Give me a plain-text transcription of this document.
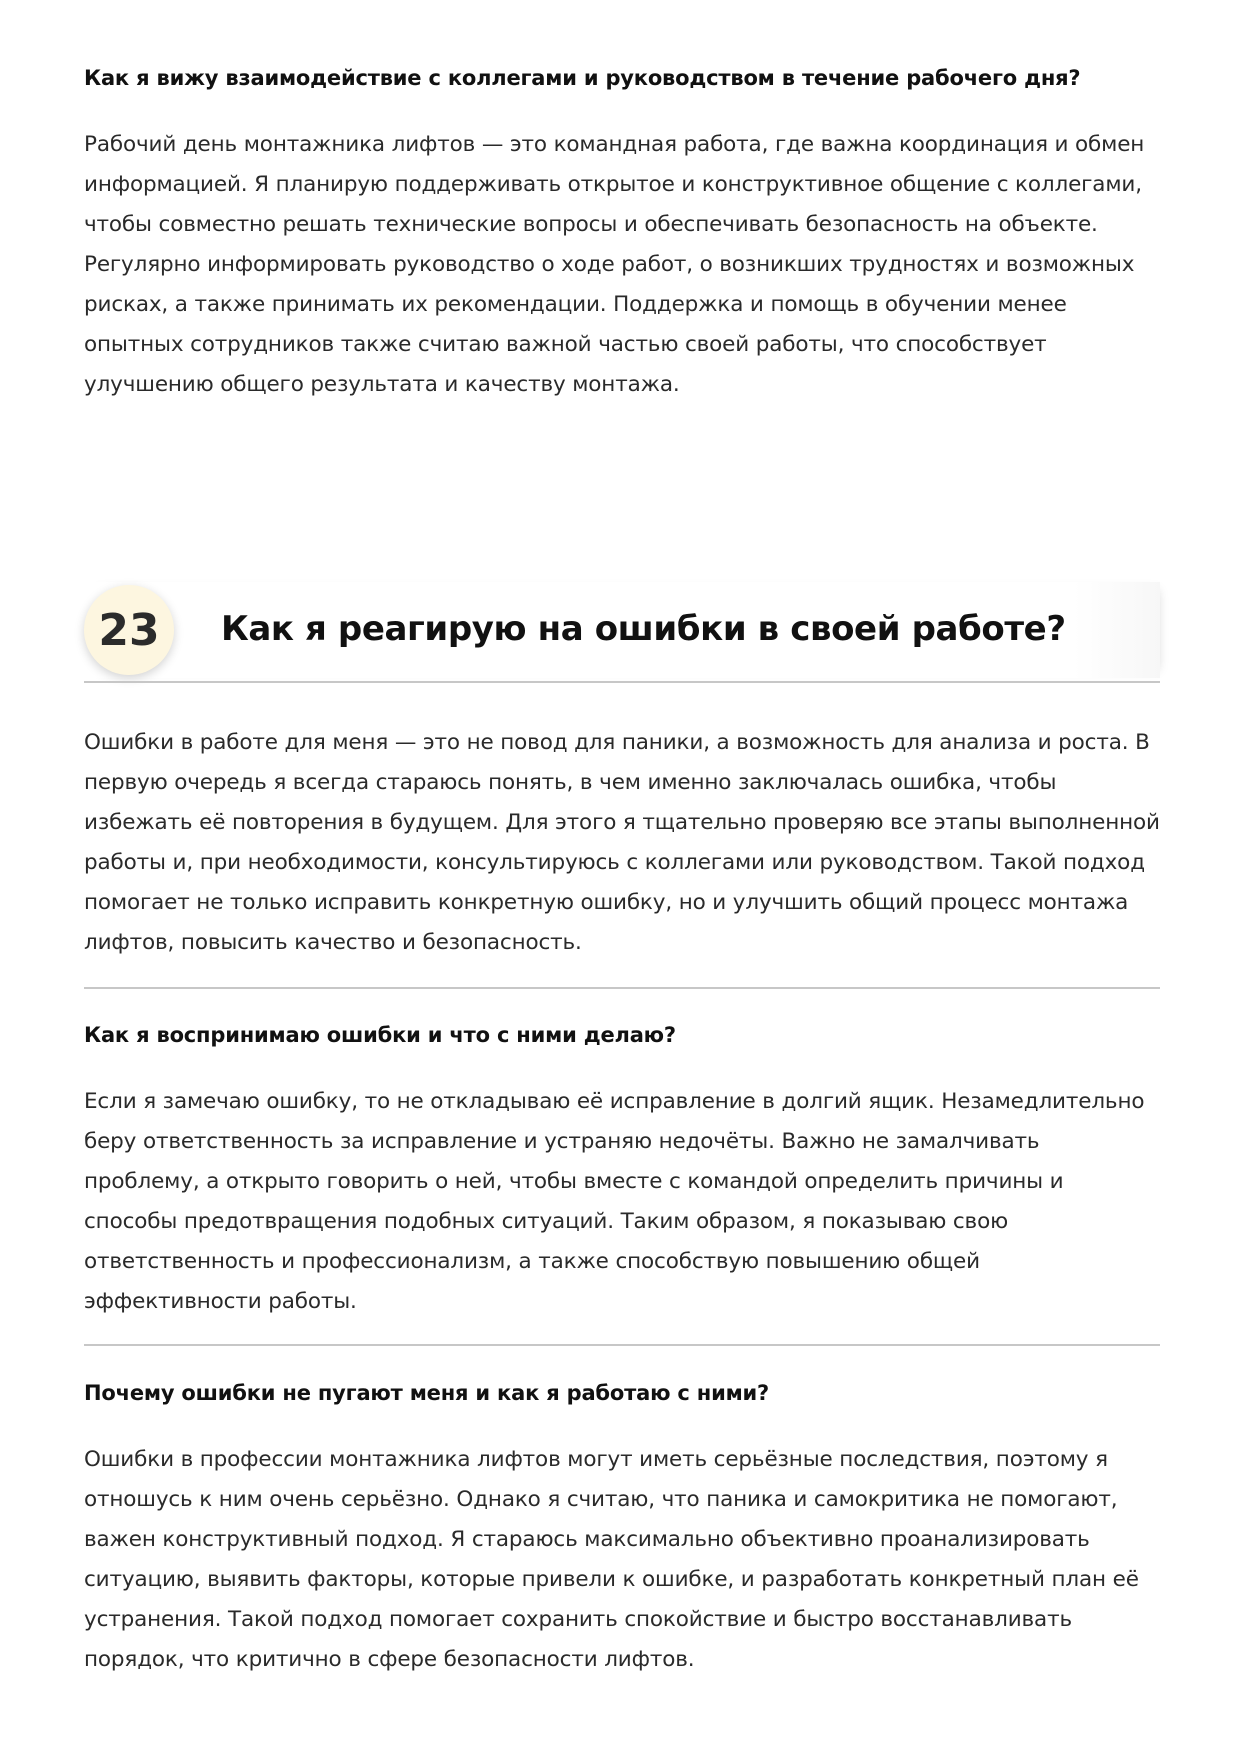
Как я вижу взаимодействие с коллегами и руководством в течение рабочего дня?

Рабочий день монтажника лифтов — это командная работа, где важна координация и обмен информацией. Я планирую поддерживать открытое и конструктивное общение с коллегами, чтобы совместно решать технические вопросы и обеспечивать безопасность на объекте. Регулярно информировать руководство о ходе работ, о возникших трудностях и возможных рисках, а также принимать их рекомендации. Поддержка и помощь в обучении менее опытных сотрудников также считаю важной частью своей работы, что способствует улучшению общего результата и качеству монтажа.

23	Как я реагирую на ошибки в своей работе?

Ошибки в работе для меня — это не повод для паники, а возможность для анализа и роста. В первую очередь я всегда стараюсь понять, в чем именно заключалась ошибка, чтобы избежать её повторения в будущем. Для этого я тщательно проверяю все этапы выполненной работы и, при необходимости, консультируюсь с коллегами или руководством. Такой подход помогает не только исправить конкретную ошибку, но и улучшить общий процесс монтажа лифтов, повысить качество и безопасность.

Как я воспринимаю ошибки и что с ними делаю?

Если я замечаю ошибку, то не откладываю её исправление в долгий ящик. Незамедлительно беру ответственность за исправление и устраняю недочёты. Важно не замалчивать проблему, а открыто говорить о ней, чтобы вместе с командой определить причины и способы предотвращения подобных ситуаций. Таким образом, я показываю свою ответственность и профессионализм, а также способствую повышению общей эффективности работы.

Почему ошибки не пугают меня и как я работаю с ними?

Ошибки в профессии монтажника лифтов могут иметь серьёзные последствия, поэтому я отношусь к ним очень серьёзно. Однако я считаю, что паника и самокритика не помогают, важен конструктивный подход. Я стараюсь максимально объективно проанализировать ситуацию, выявить факторы, которые привели к ошибке, и разработать конкретный план её устранения. Такой подход помогает сохранить спокойствие и быстро восстанавливать порядок, что критично в сфере безопасности лифтов.
